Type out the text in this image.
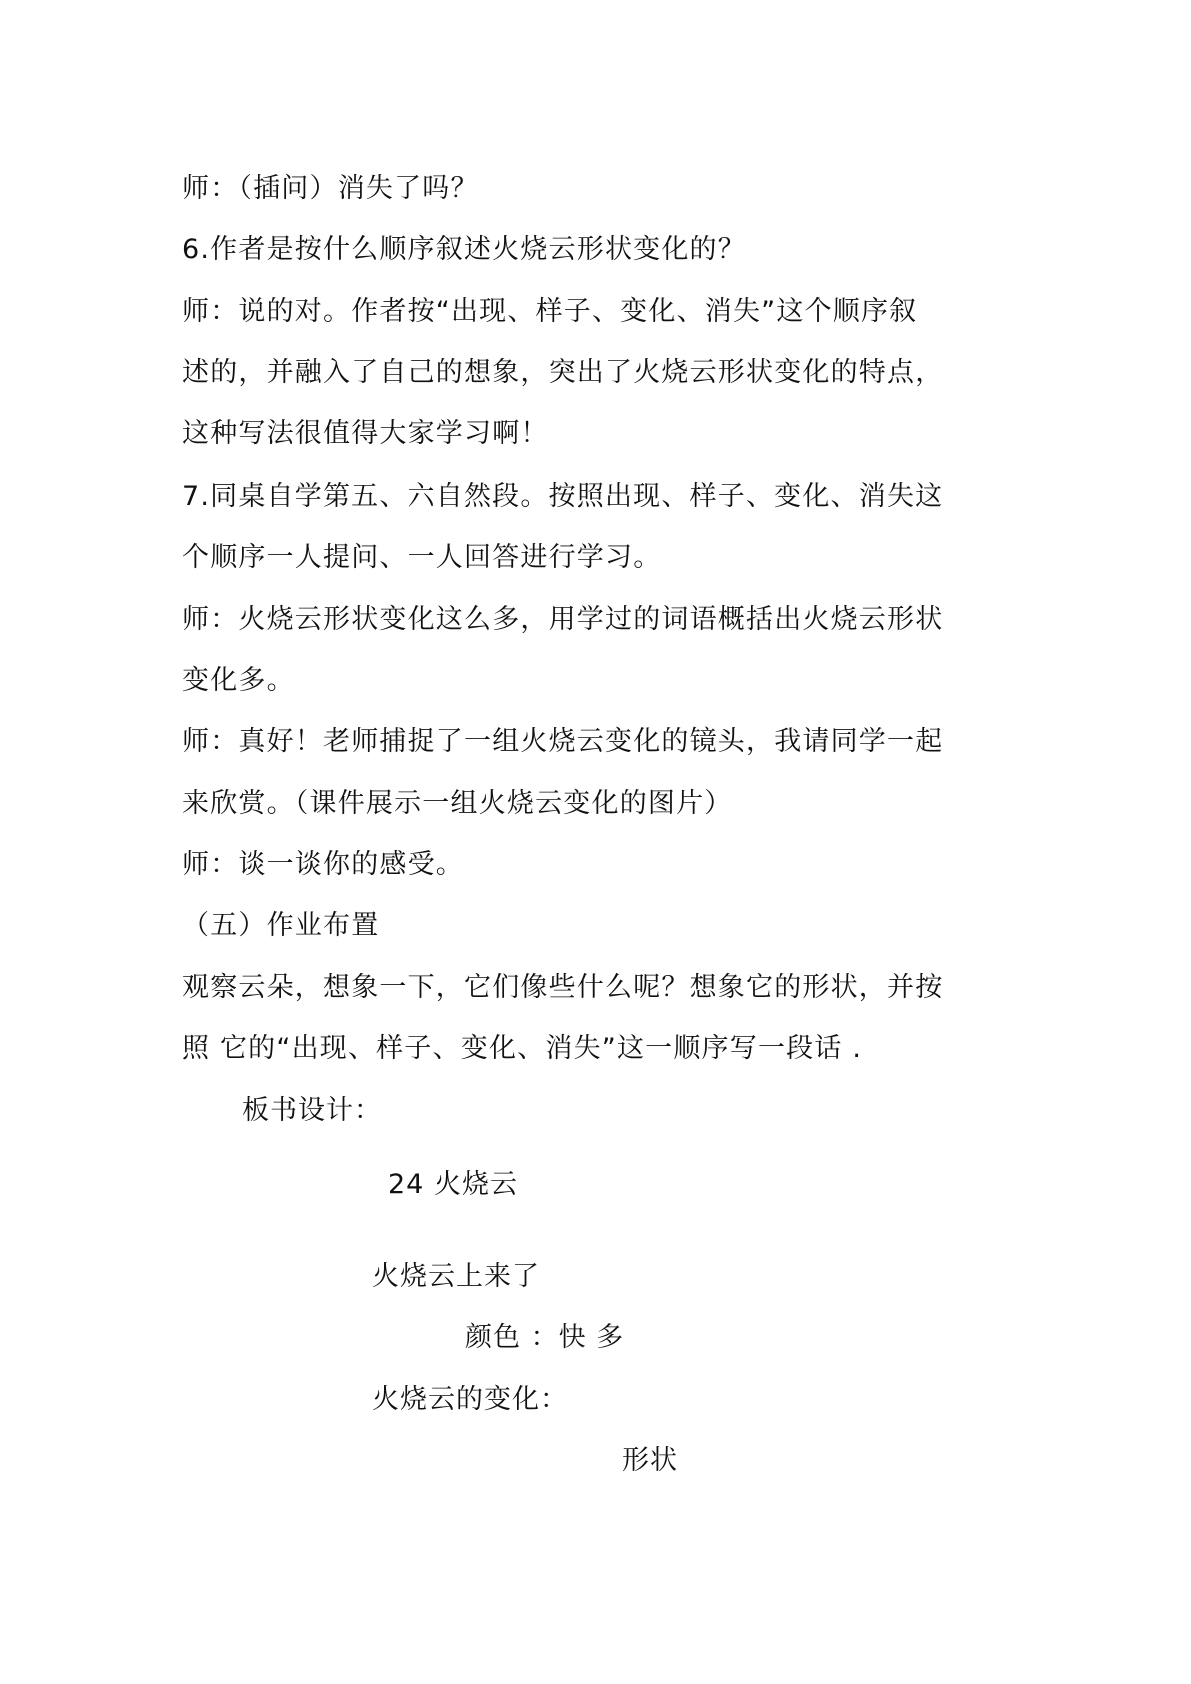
师：（插问）消失了吗？
6.作者是按什么顺序叙述火烧云形状变化的？
师：说的对。作者按“出现、样子、变化、消失”这个顺序叙
述的，并融入了自己的想象，突出了火烧云形状变化的特点，
这种写法很值得大家学习啊！
7.同桌自学第五、六自然段。按照出现、样子、变化、消失这
个顺序一人提问、一人回答进行学习。
师：火烧云形状变化这么多，用学过的词语概括出火烧云形状
变化多。
师：真好！老师捕捉了一组火烧云变化的镜头，我请同学一起
来欣赏。（课件展示一组火烧云变化的图片）
师：谈一谈你的感受。
（五）作业布置
观察云朵，想象一下，它们像些什么呢？想象它的形状，并按
照 它的“出现、样子、变化、消失”这一顺序写一段话 .
板书设计：
24 火烧云
火烧云上来了
颜色 ：快 多
火烧云的变化：
形状
